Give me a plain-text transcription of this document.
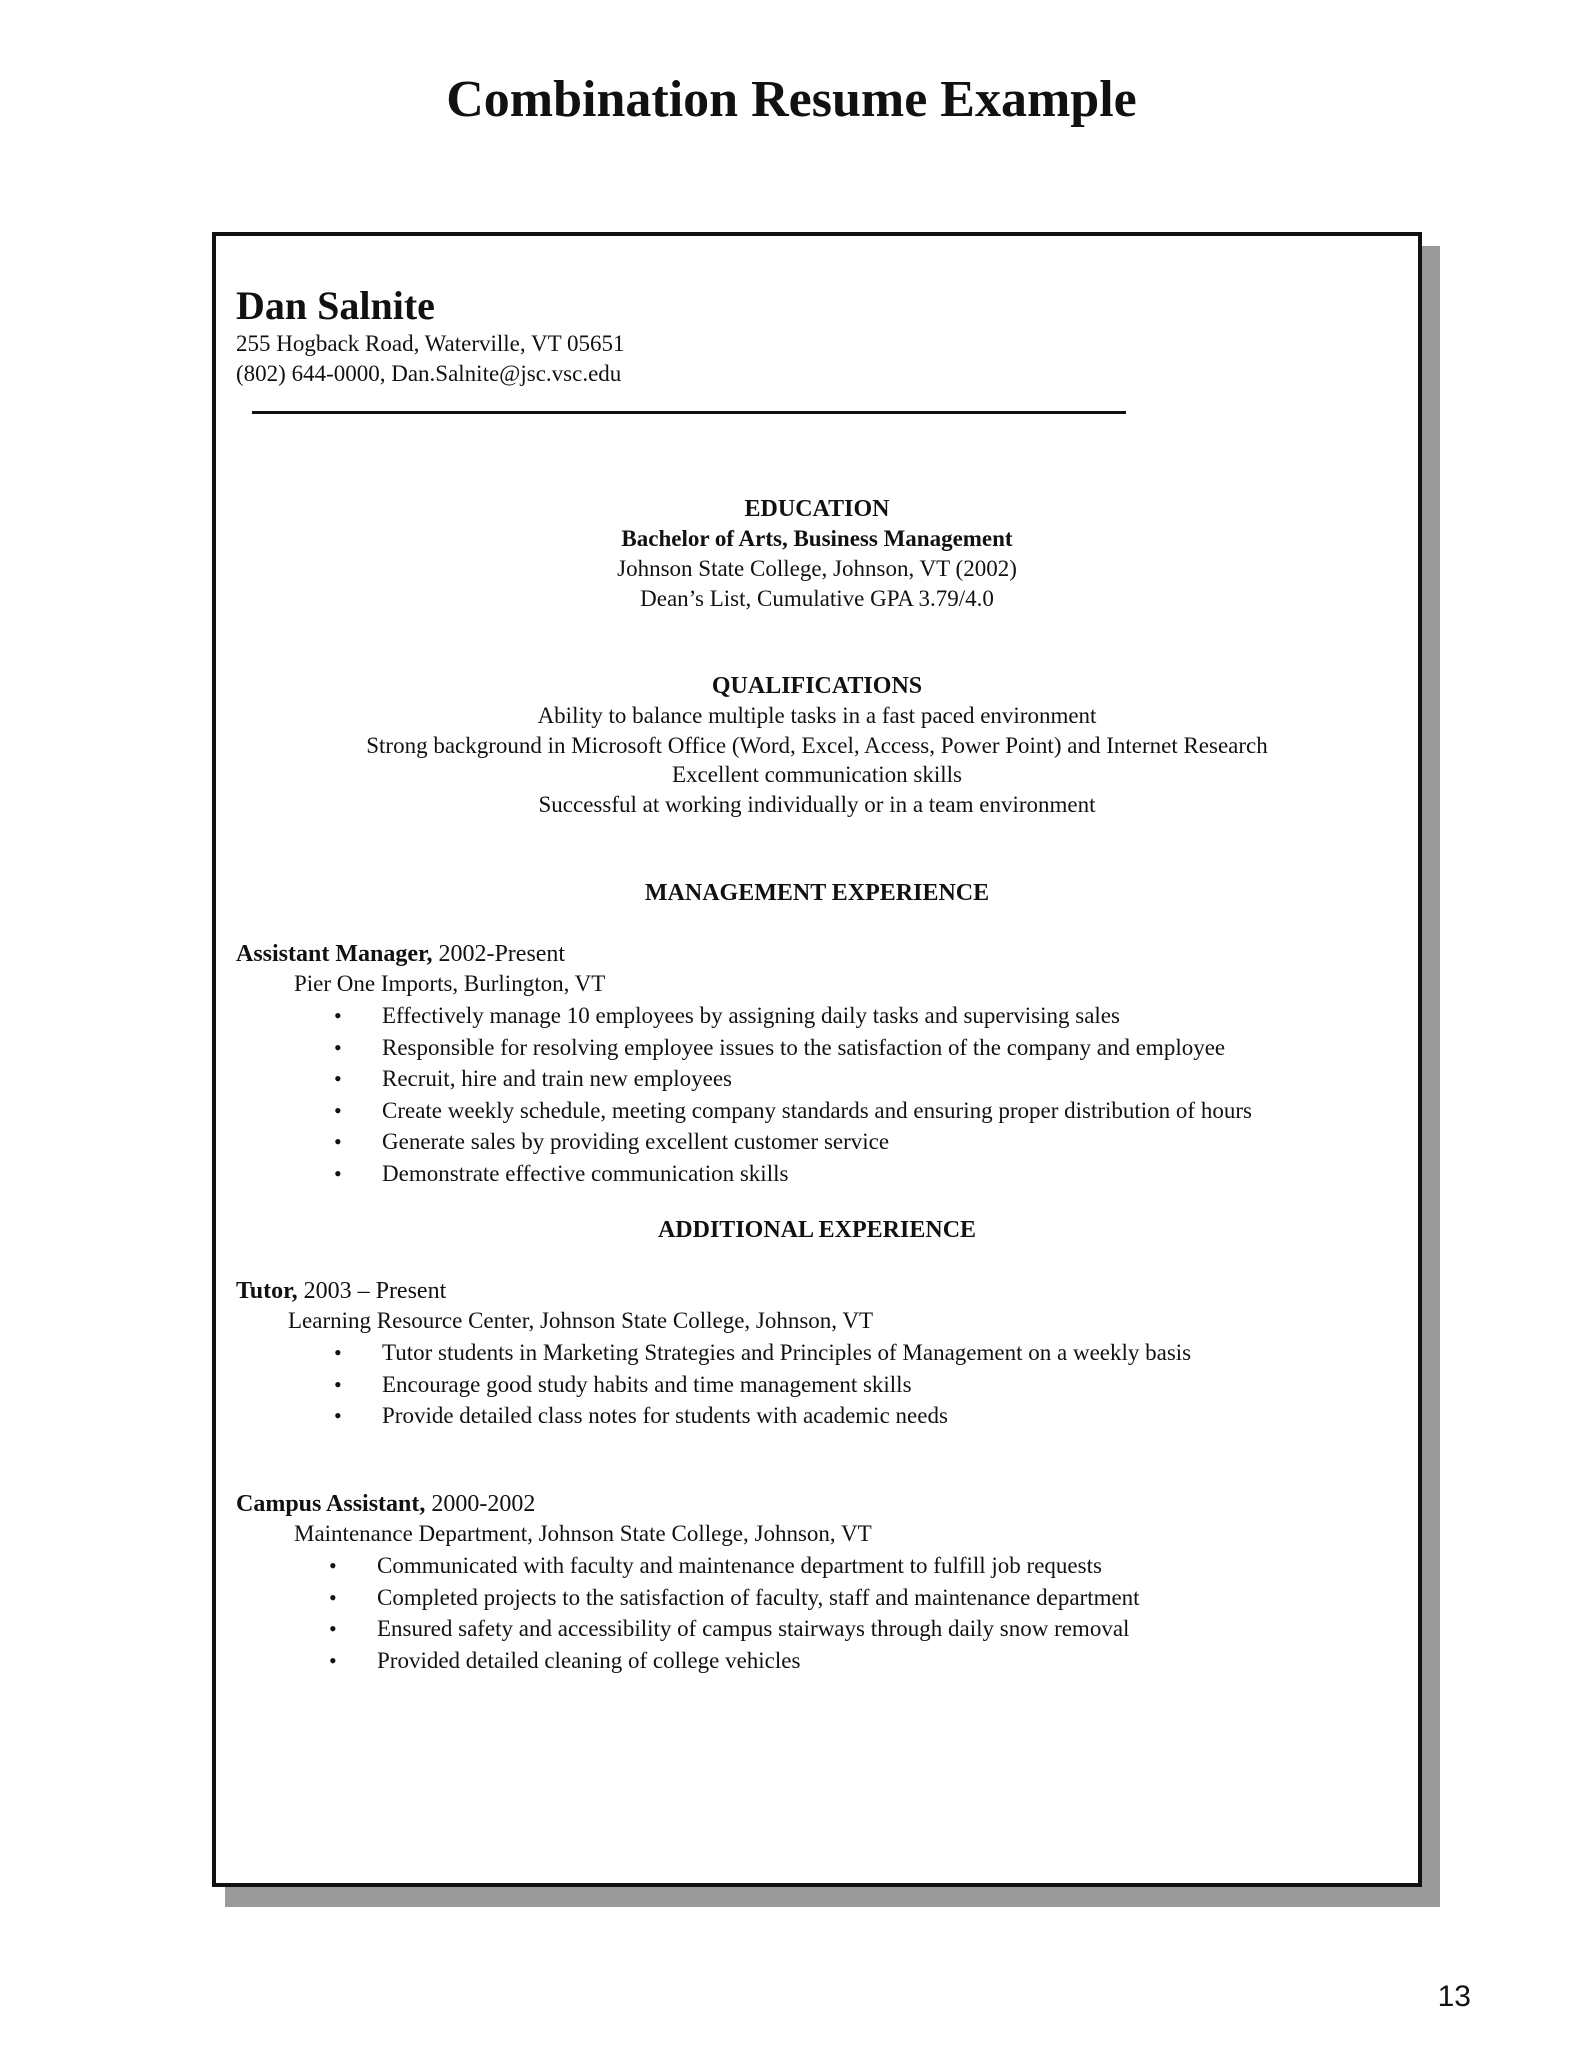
Combination Resume Example
Dan Salnite
255 Hogback Road, Waterville, VT 05651
(802) 644-0000, Dan.Salnite@jsc.vsc.edu
EDUCATION
Bachelor of Arts, Business Management
Johnson State College, Johnson, VT (2002)
Dean’s List, Cumulative GPA 3.79/4.0
QUALIFICATIONS
Ability to balance multiple tasks in a fast paced environment
Strong background in Microsoft Office (Word, Excel, Access, Power Point) and Internet Research
Excellent communication skills
Successful at working individually or in a team environment
MANAGEMENT EXPERIENCE
Assistant Manager, 2002-Present
Pier One Imports, Burlington, VT
• Effectively manage 10 employees by assigning daily tasks and supervising sales
• Responsible for resolving employee issues to the satisfaction of the company and employee
• Recruit, hire and train new employees
• Create weekly schedule, meeting company standards and ensuring proper distribution of hours
• Generate sales by providing excellent customer service
• Demonstrate effective communication skills
ADDITIONAL EXPERIENCE
Tutor, 2003 – Present
Learning Resource Center, Johnson State College, Johnson, VT
• Tutor students in Marketing Strategies and Principles of Management on a weekly basis
• Encourage good study habits and time management skills
• Provide detailed class notes for students with academic needs
Campus Assistant, 2000-2002
Maintenance Department, Johnson State College, Johnson, VT
• Communicated with faculty and maintenance department to fulfill job requests
• Completed projects to the satisfaction of faculty, staff and maintenance department
• Ensured safety and accessibility of campus stairways through daily snow removal
• Provided detailed cleaning of college vehicles
13
